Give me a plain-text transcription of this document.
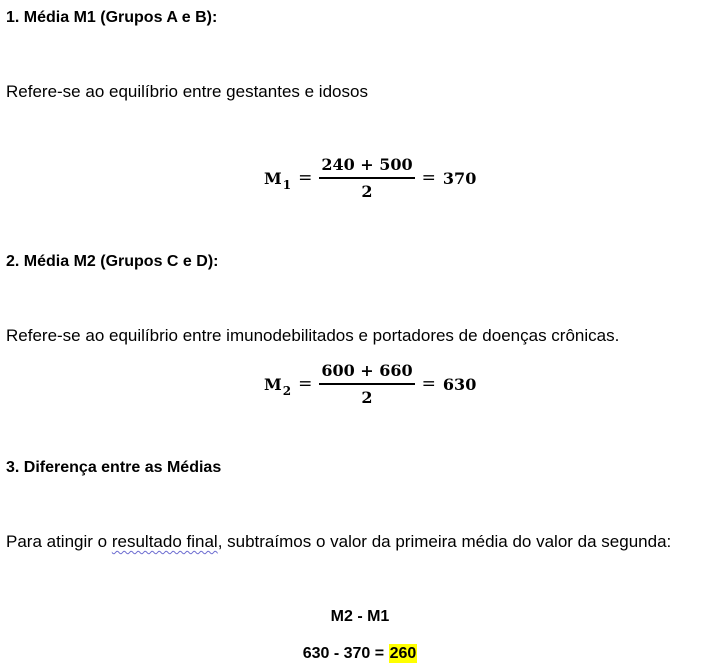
1. Média M1 (Grupos A e B):
Refere-se ao equilíbrio entre gestantes e idosos
M $1 = \frac{240 + 500}{2} = 370$
2. Média M2 (Grupos C e D):
Refere-se ao equilíbrio entre imunodebilitados e portadores de doenças crônicas.
M $2 = \frac{600 + 660}{2} = 630$
3. Diferença entre as Médias
Para atingir o resultado final, subtraímos o valor da primeira média do valor da segunda:
M2 - M1
630 - 370 = 260
